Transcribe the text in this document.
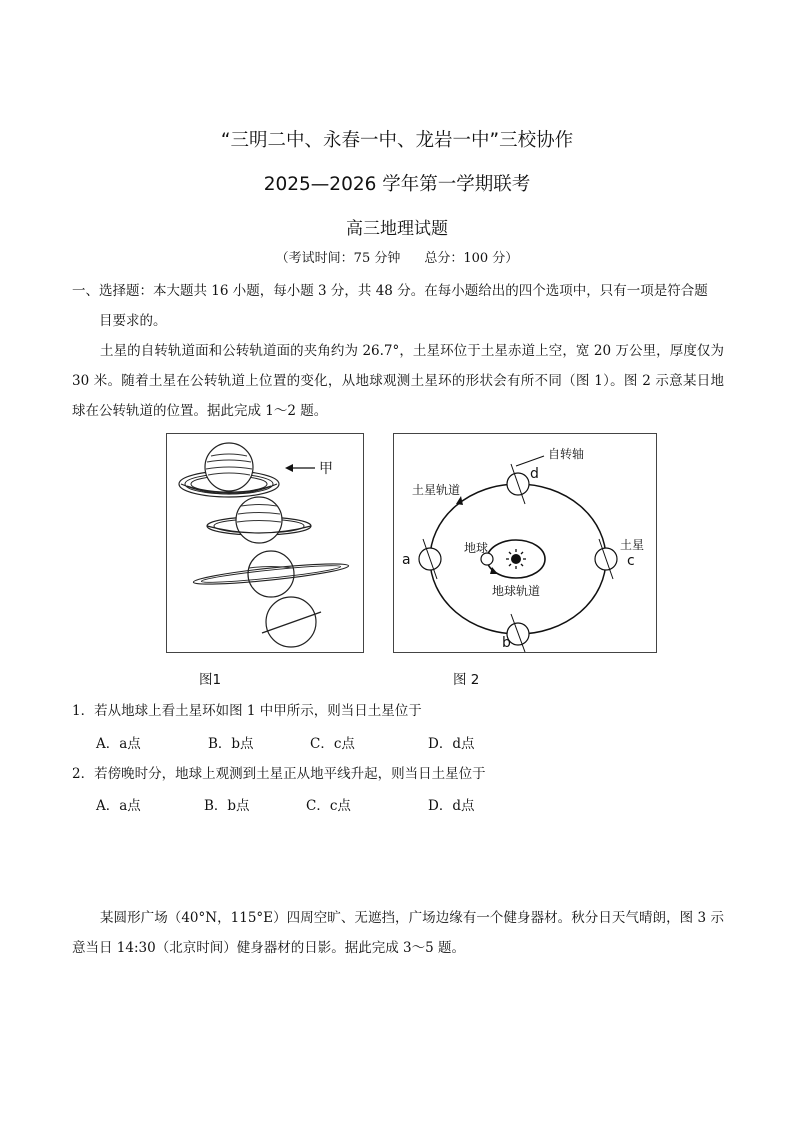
“三明二中、永春一中、龙岩一中”三校协作
2025—2026 学年第一学期联考
高三地理试题
（考试时间：75 分钟 总分：100 分）

一、选择题：本大题共 16 小题，每小题 3 分，共 48 分。在每小题给出的四个选项中，只有一项是符合题
目要求的。

土星的自转轨道面和公转轨道面的夹角约为 26.7°，土星环位于土星赤道上空，宽 20 万公里，厚度仅为 30 米。随着土星在公转轨道上位置的变化，从地球观测土星环的形状会有所不同（图 1）。图 2 示意某日地球在公转轨道的位置。据此完成 1～2 题。

甲
自转轴
土星轨道
地球
地球轨道
土星
a
b
c
d
图1	图 2
1．若从地球上看土星环如图 1 中甲所示，则当日土星位于
A．a点	B．b点	C．c点	D．d点
2．若傍晚时分，地球上观测到土星正从地平线升起，则当日土星位于
A．a点	B．b点	C．c点	D．d点

某圆形广场（40°N，115°E）四周空旷、无遮挡，广场边缘有一个健身器材。秋分日天气晴朗，图 3 示意当日 14:30（北京时间）健身器材的日影。据此完成 3～5 题。
